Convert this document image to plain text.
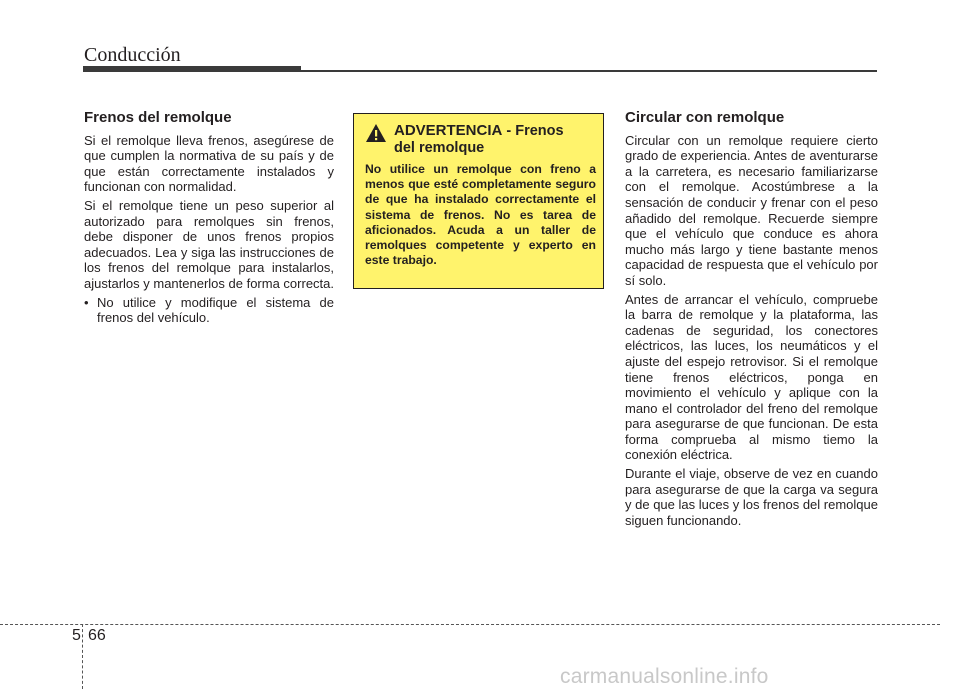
Conducción
Frenos del remolque

Si el remolque lleva frenos, asegúrese de que cumplen la normativa de su país y de que están correctamente instalados y funcionan con normalidad.

Si el remolque tiene un peso superior al autorizado para remolques sin frenos, debe disponer de unos frenos propios adecuados. Lea y siga las instrucciones de los frenos del remolque para instalarlos, ajustarlos y mantenerlos de forma correcta.

• No utilice y modifique el sistema de frenos del vehículo.

ADVERTENCIA - Frenos
del remolque
No utilice un remolque con freno a menos que esté completamente seguro de que ha instalado correctamente el sistema de frenos. No es tarea de aficionados. Acuda a un taller de remolques competente y experto en este trabajo.
Circular con remolque

Circular con un remolque requiere cierto grado de experiencia. Antes de aventurarse a la carretera, es necesario familiarizarse con el remolque. Acostúmbrese a la sensación de conducir y frenar con el peso añadido del remolque. Recuerde siempre que el vehículo que conduce es ahora mucho más largo y tiene bastante menos capacidad de respuesta que el vehículo por sí solo.

Antes de arrancar el vehículo, compruebe la barra de remolque y la plataforma, las cadenas de seguridad, los conectores eléctricos, las luces, los neumáticos y el ajuste del espejo retrovisor. Si el remolque tiene frenos eléctricos, ponga en movimiento el vehículo y aplique con la mano el controlador del freno del remolque para asegurarse de que funcionan. De esta forma comprueba al mismo tiemo la conexión eléctrica.

Durante el viaje, observe de vez en cuando para asegurarse de que la carga va segura y de que las luces y los frenos del remolque siguen funcionando.

5 66
carmanualsonline.info
